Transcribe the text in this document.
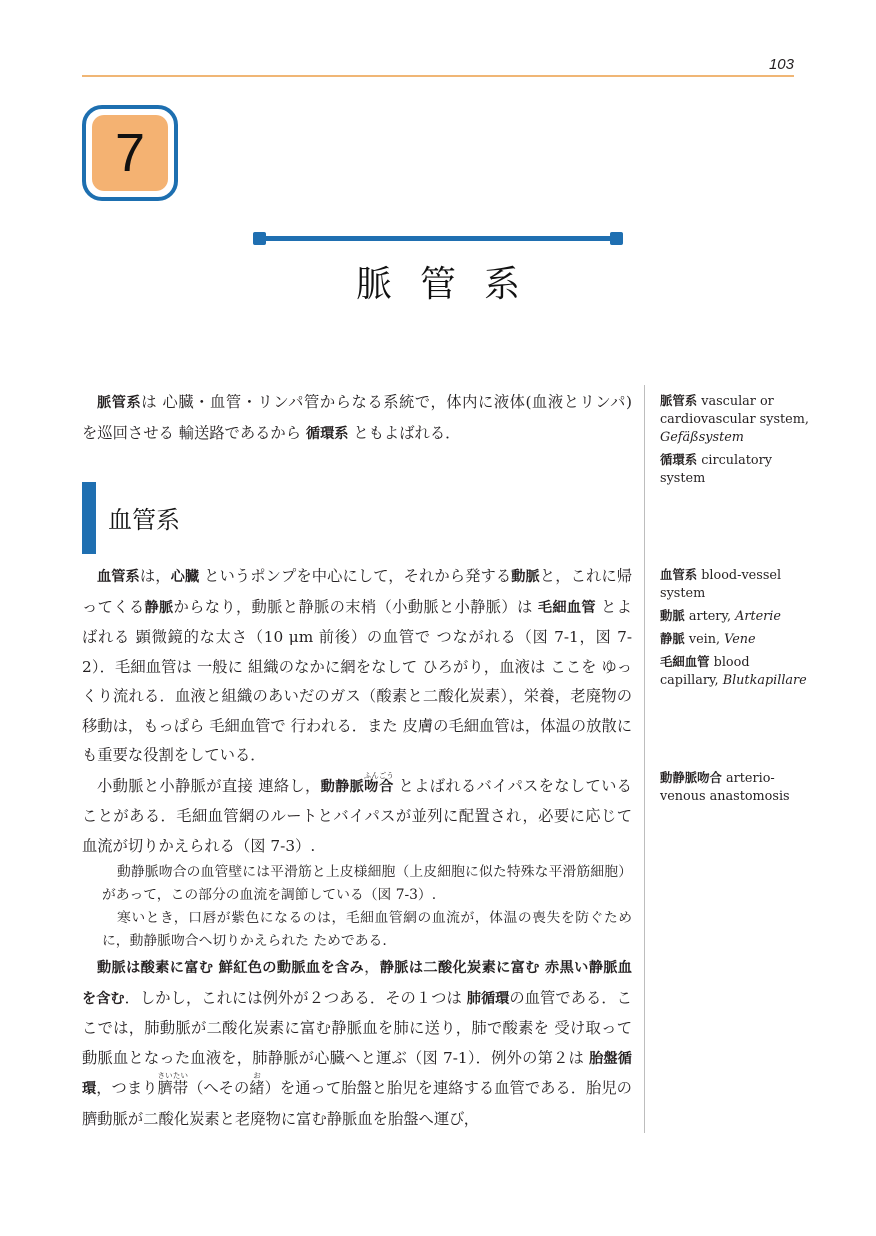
103
7
脈管系

脈管系は 心臓・血管・リンパ管からなる系統で，体内に液体(血液とリンパ) を巡回させる 輸送路であるから 循環系 ともよばれる．

血管系

血管系は，心臓 というポンプを中心にして，それから発する動脈と，これに帰ってくる静脈からなり，動脈と静脈の末梢（小動脈と小静脈）は 毛細血管 とよばれる 顕微鏡的な太さ（10 μm 前後）の血管で つながれる（図 7-1，図 7-2）．毛細血管は 一般に 組織のなかに網をなして ひろがり，血液は ここを ゆっくり流れる．血液と組織のあいだのガス（酸素と二酸化炭素），栄養，老廃物の移動は，もっぱら 毛細血管で 行われる．また 皮膚の毛細血管は，体温の放散にも重要な役割をしている．

小動脈と小静脈が直接 連絡し，動静脈吻合ふんごう とよばれるバイパスをなしていることがある．毛細血管網のルートとバイパスが並列に配置され，必要に応じて血流が切りかえられる（図 7-3）.

動静脈吻合の血管壁には平滑筋と上皮様細胞（上皮細胞に似た特殊な平滑筋細胞）があって，この部分の血流を調節している（図 7-3）.

寒いとき，口唇が紫色になるのは，毛細血管網の血流が，体温の喪失を防ぐために，動静脈吻合へ切りかえられた ためである.

動脈は酸素に富む 鮮紅色の動脈血を含み，静脈は二酸化炭素に富む 赤黒い静脈血を含む．しかし，これには例外が２つある．その１つは 肺循環の血管である．ここでは，肺動脈が二酸化炭素に富む静脈血を肺に送り，肺で酸素を 受け取って動脈血となった血液を，肺静脈が心臓へと運ぶ（図 7-1）．例外の第２は 胎盤循環，つまり臍帯さいたい（へその緒お）を通って胎盤と胎児を連絡する血管である．胎児の臍動脈が二酸化炭素と老廃物に富む静脈血を胎盤へ運び，

脈管系 vascular or cardiovascular system, Gefäßsystem
循環系 circulatory system
血管系 blood-vessel system
動脈 artery, Arterie
静脈 vein, Vene
毛細血管 blood capillary, Blutkapillare
動静脈吻合 arterio-venous anastomosis
